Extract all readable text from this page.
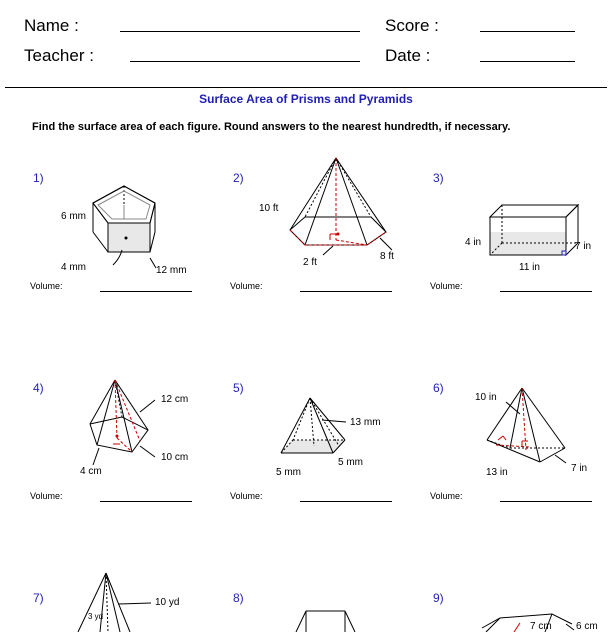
Name :
Teacher :
Score :
Date :
Surface Area of Prisms and Pyramids
Find the surface area of each figure. Round answers to the nearest hundredth, if necessary.
1)
6 mm
4 mm	12 mm
Volume:
2)
10 ft
2 ft
8 ft
Volume:
3)
4 in	7 in
11 in
Volume:
4)
12 cm
10 cm
4 cm
Volume:
5)
13 mm
5 mm
5 mm
Volume:
6)
10 in
13 in	7 in
Volume:
7)	10 yd
3 yd
8)	9)
7 cm 6 cm
